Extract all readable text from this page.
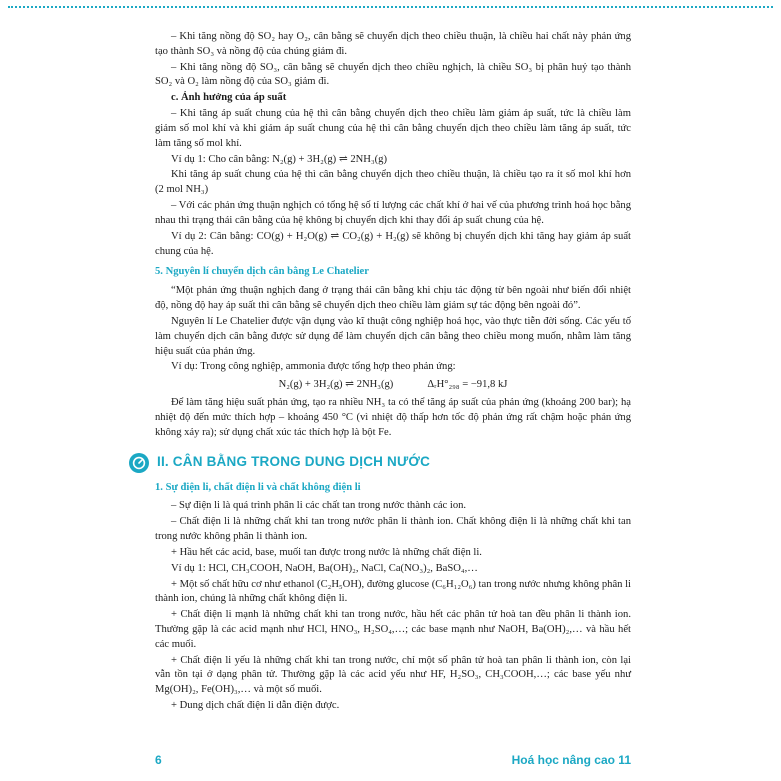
– Khi tăng nồng độ SO₂ hay O₂, cân bằng sẽ chuyển dịch theo chiều thuận, là chiều hai chất này phản ứng tạo thành SO₃ và nồng độ của chúng giảm đi.

– Khi tăng nồng độ SO₃, cân bằng sẽ chuyển dịch theo chiều nghịch, là chiều SO₃ bị phân huỷ tạo thành SO₂ và O₂ làm nồng độ của SO₃ giảm đi.

c. Ảnh hưởng của áp suất

– Khi tăng áp suất chung của hệ thì cân bằng chuyển dịch theo chiều làm giảm áp suất, tức là chiều làm giảm số mol khí và khi giảm áp suất chung của hệ thì cân bằng chuyển dịch theo chiều làm tăng áp suất, tức làm tăng số mol khí.

Ví dụ 1: Cho cân bằng: N₂(g) + 3H₂(g) ⇌ 2NH₃(g)

Khi tăng áp suất chung của hệ thì cân bằng chuyển dịch theo chiều thuận, là chiều tạo ra ít số mol khí hơn (2 mol NH₃)

– Với các phản ứng thuận nghịch có tổng hệ số tỉ lượng các chất khí ở hai vế của phương trình hoá học bằng nhau thì trạng thái cân bằng của hệ không bị chuyển dịch khi thay đổi áp suất chung của hệ.

Ví dụ 2: Cân bằng: CO(g) + H₂O(g) ⇌ CO₂(g) + H₂(g) sẽ không bị chuyển dịch khi tăng hay giảm áp suất chung của hệ.

5. Nguyên lí chuyển dịch cân bằng Le Chatelier

“Một phản ứng thuận nghịch đang ở trạng thái cân bằng khi chịu tác động từ bên ngoài như biến đổi nhiệt độ, nồng độ hay áp suất thì cân bằng sẽ chuyển dịch theo chiều làm giảm sự tác động bên ngoài đó”.

Nguyên lí Le Chatelier được vận dụng vào kĩ thuật công nghiệp hoá học, vào thực tiễn đời sống. Các yếu tố làm chuyển dịch cân bằng được sử dụng để làm chuyển dịch cân bằng theo chiều mong muốn, nhằm làm tăng hiệu suất của phản ứng.

Ví dụ: Trong công nghiệp, ammonia được tổng hợp theo phản ứng:

N₂(g) + 3H₂(g) ⇌ 2NH₃(g)	ΔᵣH°₂₉₈ = −91,8 kJ

Để làm tăng hiệu suất phản ứng, tạo ra nhiều NH₃ ta có thể tăng áp suất của phản ứng (khoảng 200 bar); hạ nhiệt độ đến mức thích hợp – khoảng 450 °C (vì nhiệt độ thấp hơn tốc độ phản ứng rất chậm hoặc phản ứng không xảy ra); sử dụng chất xúc tác thích hợp là bột Fe.

II. CÂN BẰNG TRONG DUNG DỊCH NƯỚC

1. Sự điện li, chất điện li và chất không điện li

– Sự điện li là quá trình phân li các chất tan trong nước thành các ion.

– Chất điện li là những chất khi tan trong nước phân li thành ion. Chất không điện li là những chất khi tan trong nước không phân li thành ion.

+ Hầu hết các acid, base, muối tan được trong nước là những chất điện li.

Ví dụ 1: HCl, CH₃COOH, NaOH, Ba(OH)₂, NaCl, Ca(NO₃)₂, BaSO₄,…

+ Một số chất hữu cơ như ethanol (C₂H₅OH), đường glucose (C₆H₁₂O₆) tan trong nước nhưng không phân li thành ion, chúng là những chất không điện li.

+ Chất điện li mạnh là những chất khi tan trong nước, hầu hết các phân tử hoà tan đều phân li thành ion. Thường gặp là các acid mạnh như HCl, HNO₃, H₂SO₄,…; các base mạnh như NaOH, Ba(OH)₂,… và hầu hết các muối.

+ Chất điện li yếu là những chất khi tan trong nước, chỉ một số phân tử hoà tan phân li thành ion, còn lại vẫn tồn tại ở dạng phân tử. Thường gặp là các acid yếu như HF, H₂SO₃, CH₃COOH,…; các base yếu như Mg(OH)₂, Fe(OH)₃,… và một số muối.

+ Dung dịch chất điện li dẫn điện được.

6	Hoá học nâng cao 11
